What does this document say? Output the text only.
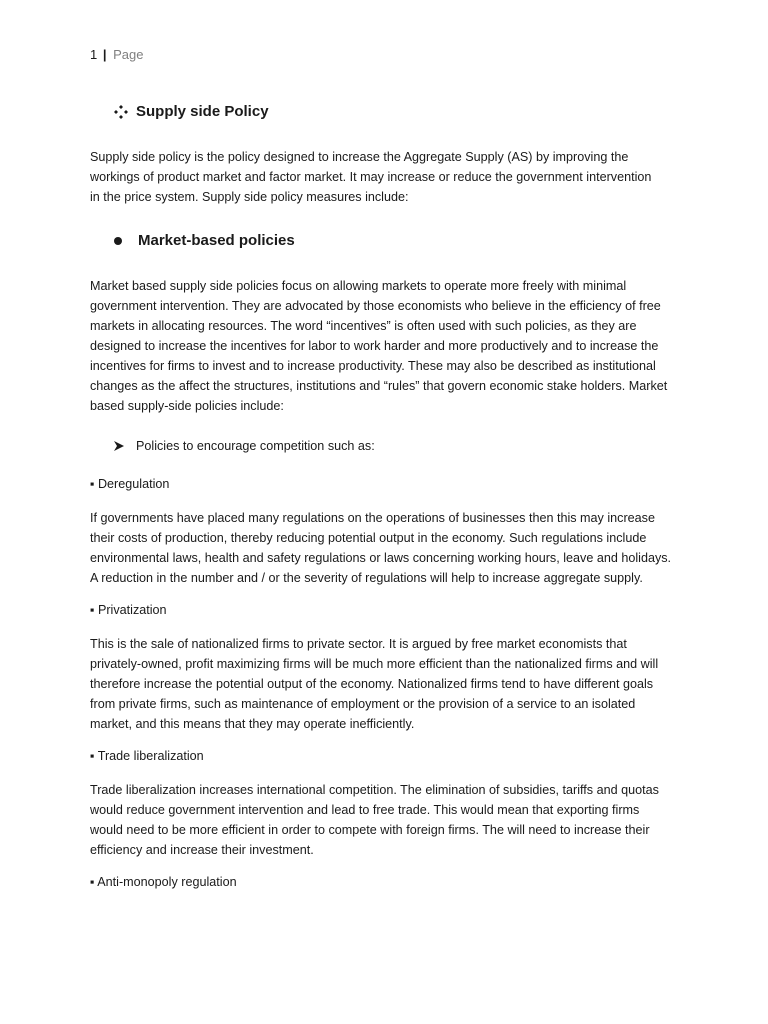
1 | Page
Supply side Policy
Supply side policy is the policy designed to increase the Aggregate Supply (AS) by improving the
workings of product market and factor market. It may increase or reduce the government intervention
in the price system. Supply side policy measures include:
Market-based policies
Market based supply side policies focus on allowing markets to operate more freely with minimal
government intervention. They are advocated by those economists who believe in the efficiency of free
markets in allocating resources. The word “incentives” is often used with such policies, as they are
designed to increase the incentives for labor to work harder and more productively and to increase the
incentives for firms to invest and to increase productivity. These may also be described as institutional
changes as the affect the structures, institutions and “rules” that govern economic stake holders. Market
based supply-side policies include:
Policies to encourage competition such as:
▪ Deregulation
If governments have placed many regulations on the operations of businesses then this may increase
their costs of production, thereby reducing potential output in the economy. Such regulations include
environmental laws, health and safety regulations or laws concerning working hours, leave and holidays.
A reduction in the number and / or the severity of regulations will help to increase aggregate supply.
▪ Privatization
This is the sale of nationalized firms to private sector. It is argued by free market economists that
privately-owned, profit maximizing firms will be much more efficient than the nationalized firms and will
therefore increase the potential output of the economy. Nationalized firms tend to have different goals
from private firms, such as maintenance of employment or the provision of a service to an isolated
market, and this means that they may operate inefficiently.
▪ Trade liberalization
Trade liberalization increases international competition. The elimination of subsidies, tariffs and quotas
would reduce government intervention and lead to free trade. This would mean that exporting firms
would need to be more efficient in order to compete with foreign firms. The will need to increase their
efficiency and increase their investment.
▪ Anti-monopoly regulation
